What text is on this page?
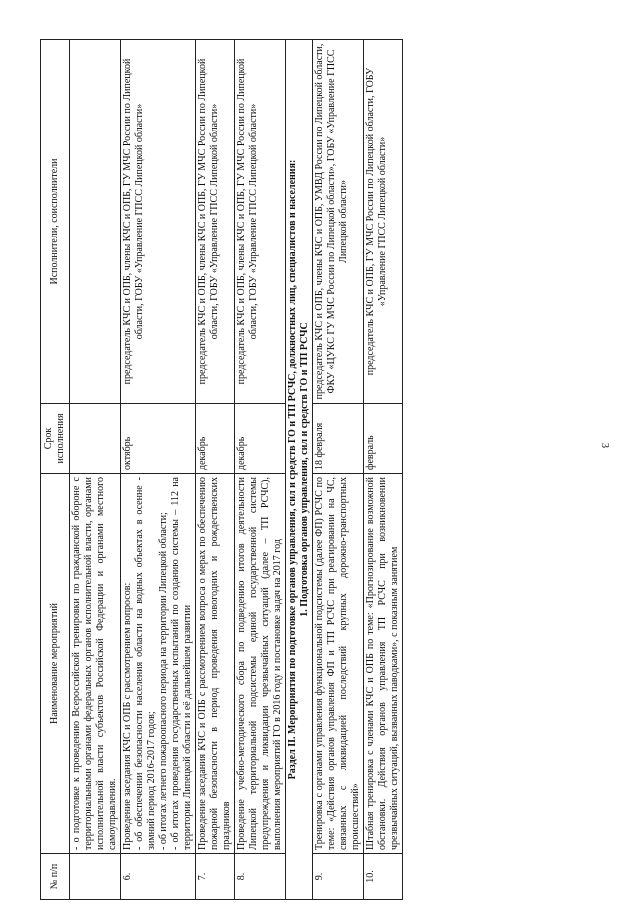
3
№ п/п	Наименование мероприятий	Срок исполнения	Исполнители, соисполнители

	- о подготовке к проведению Всероссийской тренировки по гражданской обороне с территориальными органами федеральных органов исполнительной власти, органами исполнительной власти субъектов Российской Федерации и органами местного самоуправления.		

6.	Проведение заседания КЧС и ОПБ с рассмотрением вопросов: - об обеспечении безопасности населения области на водных объектах в осенне - зимний период 2016-2017 годов; - об итогах летнего пожароопасного периода на территории Липецкой области; - об итогах проведения государственных испытаний по созданию системы – 112 на территории Липецкой области и её дальнейшем развитии	октябрь	председатель КЧС и ОПБ, члены КЧС и ОПБ, ГУ МЧС России по Липецкой области, ГОБУ «Управление ГПСС Липецкой области»
7.	Проведение заседания КЧС и ОПБ с рассмотрением вопроса о мерах по обеспечению пожарной безопасности в период проведения новогодних и рождественских праздников	декабрь	председатель КЧС и ОПБ, члены КЧС и ОПБ, ГУ МЧС России по Липецкой области, ГОБУ «Управление ГПСС Липецкой области»
8.	Проведение учебно-методического сбора по подведению итогов деятельности Липецкой территориальной подсистемы единой государственной системы предупреждения и ликвидации чрезвычайных ситуаций (далее – ТП РСЧС), выполнения мероприятий ГО в 2016 году и постановке задач на 2017 год	декабрь	председатель КЧС и ОПБ, члены КЧС и ОПБ, ГУ МЧС России по Липецкой области, ГОБУ «Управление ГПСС Липецкой области»

Раздел II. Мероприятия по подготовке органов управления, сил и средств ГО и ТП РСЧС, должностных лиц, специалистов и населения: 1. Подготовка органов управления, сил и средств ГО и ТП РСЧС			

9.	Тренировка с органами управления функциональной подсистемы (далее ФП) РСЧС по теме: «Действия органов управления ФП и ТП РСЧС при реагировании на ЧС, связанных с ликвидацией последствий крупных дорожно-транспортных происшествий»	18 февраля	председатель КЧС и ОПБ, члены КЧС и ОПБ, УМВД России по Липецкой области, ФКУ «ЦУКС ГУ МЧС России по Липецкой области», ГОБУ «Управление ГПСС Липецкой области»
10.	Штабная тренировка с членами КЧС и ОПБ по теме: «Прогнозирование возможной обстановки. Действия органов управления ТП РСЧС при возникновении чрезвычайных ситуаций, вызванных паводками», с показным занятием	февраль	председатель КЧС и ОПБ, ГУ МЧС России по Липецкой области, ГОБУ «Управление ГПСС Липецкой области»
